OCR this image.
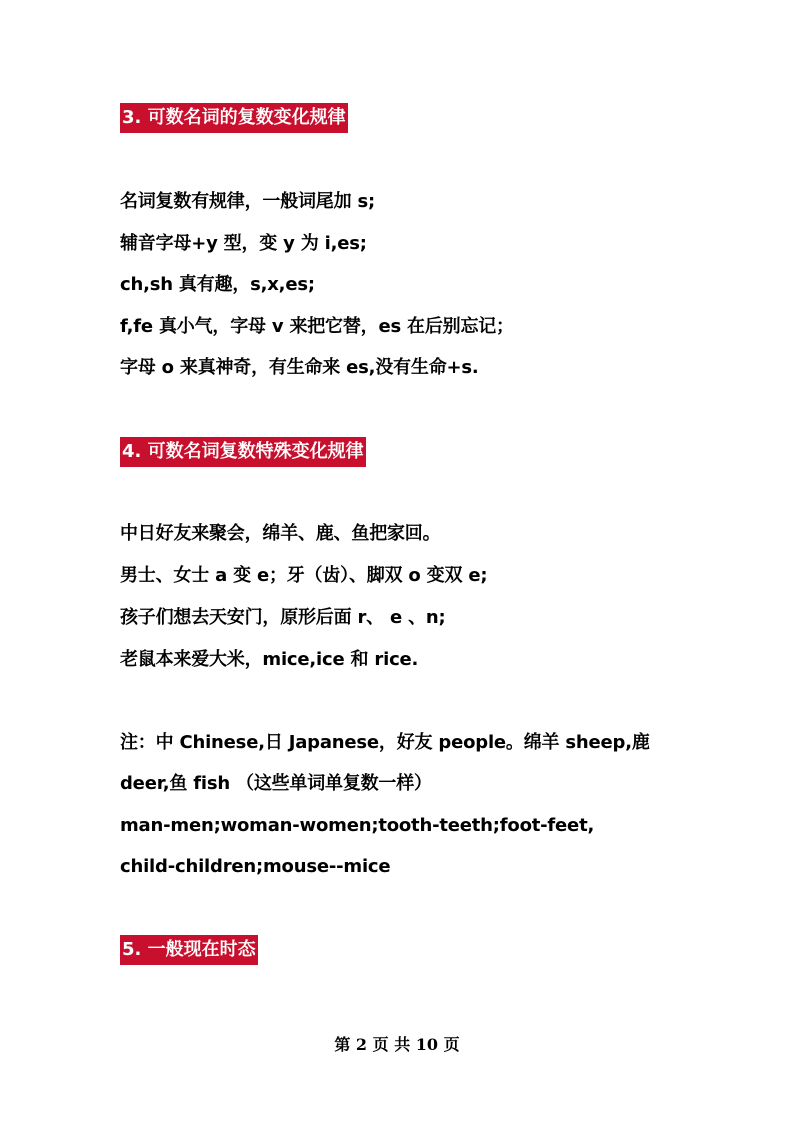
3. 可数名词的复数变化规律
名词复数有规律，一般词尾加 s;
辅音字母+y 型，变 y 为 i,es;
ch,sh 真有趣，s,x,es;
f,fe 真小气，字母 v 来把它替，es 在后别忘记；
字母 o 来真神奇，有生命来 es,没有生命+s.
4. 可数名词复数特殊变化规律
中日好友来聚会，绵羊、鹿、鱼把家回。
男士、女士 a 变 e；牙（齿）、脚双 o 变双 e;
孩子们想去天安门，原形后面 r、 e 、n;
老鼠本来爱大米，mice,ice 和 rice.
注：中 Chinese,日 Japanese，好友 people。绵羊 sheep,鹿
deer,鱼 fish （这些单词单复数一样）
man-men;woman-women;tooth-teeth;foot-feet,
child-children;mouse--mice
5. 一般现在时态
第 2 页 共 10 页
